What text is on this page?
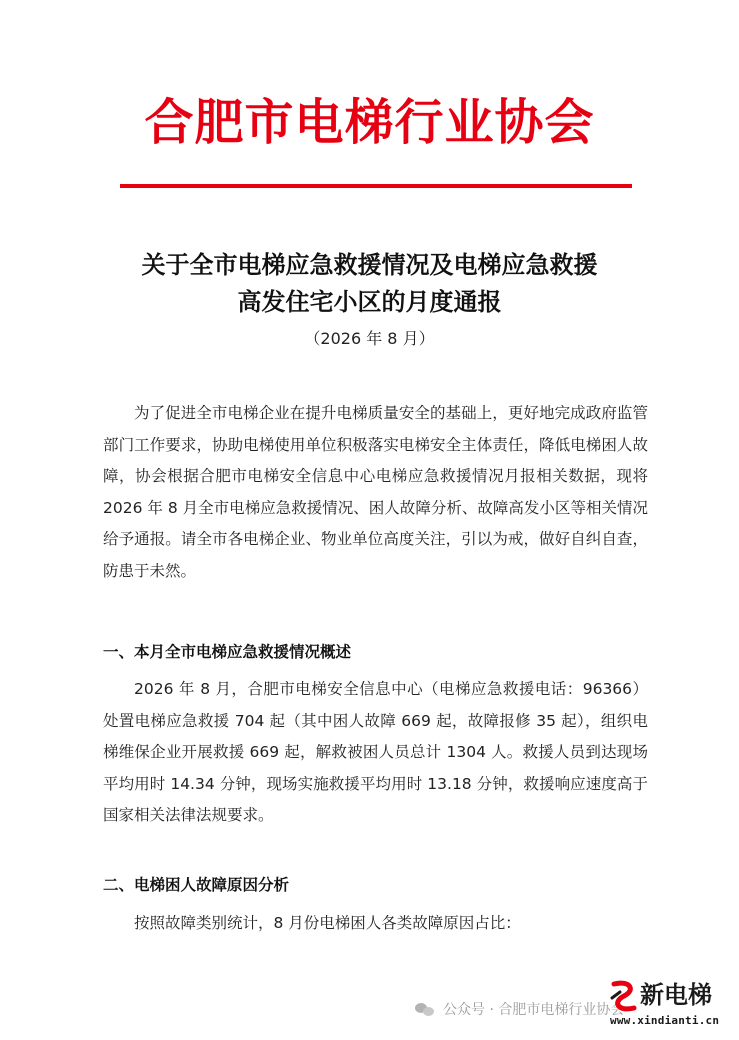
合肥市电梯行业协会
关于全市电梯应急救援情况及电梯应急救援
高发住宅小区的月度通报
（2026 年 8 月）
为了促进全市电梯企业在提升电梯质量安全的基础上，更好地完成政府监管部门工作要求，协助电梯使用单位积极落实电梯安全主体责任，降低电梯困人故障，协会根据合肥市电梯安全信息中心电梯应急救援情况月报相关数据，现将 2026 年 8 月全市电梯应急救援情况、困人故障分析、故障高发小区等相关情况给予通报。请全市各电梯企业、物业单位高度关注，引以为戒，做好自纠自查，防患于未然。
一、本月全市电梯应急救援情况概述
2026 年 8 月，合肥市电梯安全信息中心（电梯应急救援电话：96366）处置电梯应急救援 704 起（其中困人故障 669 起，故障报修 35 起），组织电梯维保企业开展救援 669 起，解救被困人员总计 1304 人。救援人员到达现场平均用时 14.34 分钟，现场实施救援平均用时 13.18 分钟，救援响应速度高于国家相关法律法规要求。
二、电梯困人故障原因分析
按照故障类别统计，8 月份电梯困人各类故障原因占比：
公众号 · 合肥市电梯行业协会
新电梯
www.xindianti.cn
